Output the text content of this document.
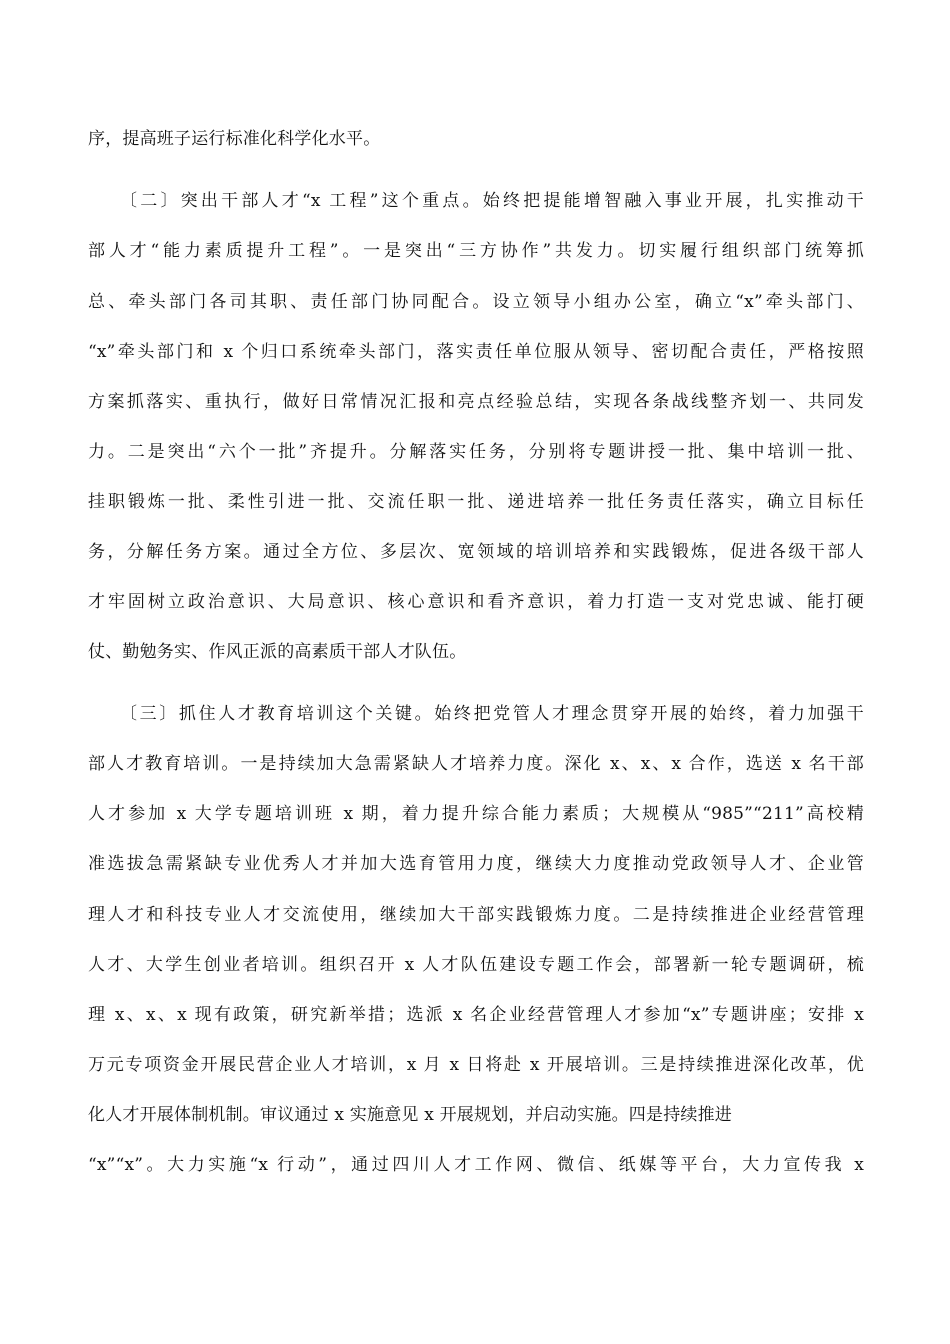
序，提高班子运行标准化科学化水平。

〔二〕突出干部人才“x 工程”这个重点。始终把提能增智融入事业开展，扎实推动干

部人才“能力素质提升工程”。一是突出“三方协作”共发力。切实履行组织部门统筹抓

总、牵头部门各司其职、责任部门协同配合。设立领导小组办公室，确立“x”牵头部门、

“x”牵头部门和 x 个归口系统牵头部门，落实责任单位服从领导、密切配合责任，严格按照

方案抓落实、重执行，做好日常情况汇报和亮点经验总结，实现各条战线整齐划一、共同发

力。二是突出“六个一批”齐提升。分解落实任务，分别将专题讲授一批、集中培训一批、

挂职锻炼一批、柔性引进一批、交流任职一批、递进培养一批任务责任落实，确立目标任

务，分解任务方案。通过全方位、多层次、宽领域的培训培养和实践锻炼，促进各级干部人

才牢固树立政治意识、大局意识、核心意识和看齐意识，着力打造一支对党忠诚、能打硬

仗、勤勉务实、作风正派的高素质干部人才队伍。

〔三〕抓住人才教育培训这个关键。始终把党管人才理念贯穿开展的始终，着力加强干

部人才教育培训。一是持续加大急需紧缺人才培养力度。深化 x、x、x 合作，选送 x 名干部

人才参加 x 大学专题培训班 x 期，着力提升综合能力素质；大规模从“985”“211”高校精

准选拔急需紧缺专业优秀人才并加大选育管用力度，继续大力度推动党政领导人才、企业管

理人才和科技专业人才交流使用，继续加大干部实践锻炼力度。二是持续推进企业经营管理

人才、大学生创业者培训。组织召开 x 人才队伍建设专题工作会，部署新一轮专题调研，梳

理 x、x、x 现有政策，研究新举措；选派 x 名企业经营管理人才参加“x”专题讲座；安排 x

万元专项资金开展民营企业人才培训，x 月 x 日将赴 x 开展培训。三是持续推进深化改革，优

化人才开展体制机制。审议通过 x 实施意见 x 开展规划，并启动实施。四是持续推进

“x”“x”。大力实施“x 行动”，通过四川人才工作网、微信、纸媒等平台，大力宣传我 x
